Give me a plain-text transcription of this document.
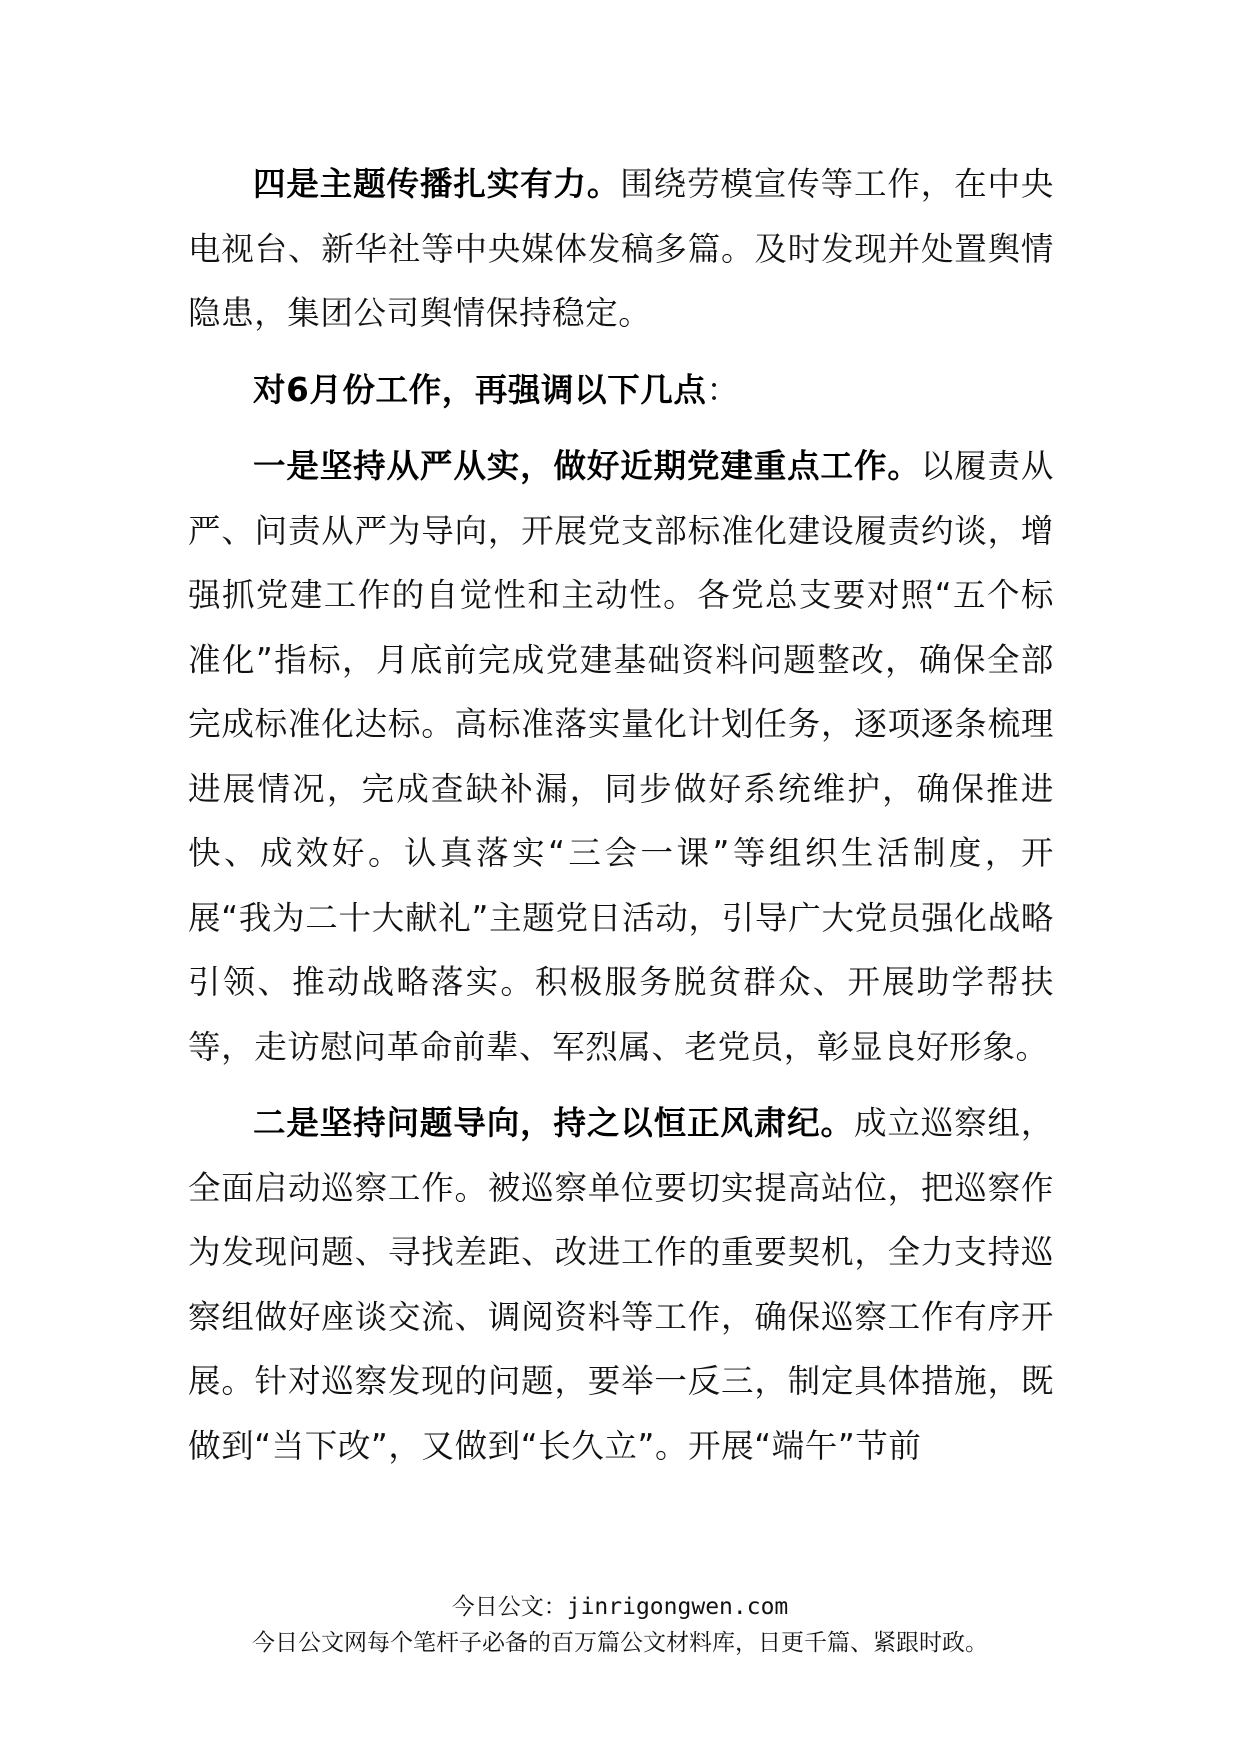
四是主题传播扎实有力。围绕劳模宣传等工作，在中央电视台、新华社等中央媒体发稿多篇。及时发现并处置舆情隐患，集团公司舆情保持稳定。

对6月份工作，再强调以下几点：

一是坚持从严从实，做好近期党建重点工作。以履责从严、问责从严为导向，开展党支部标准化建设履责约谈，增强抓党建工作的自觉性和主动性。各党总支要对照“五个标准化”指标，月底前完成党建基础资料问题整改，确保全部完成标准化达标。高标准落实量化计划任务，逐项逐条梳理进展情况，完成查缺补漏，同步做好系统维护，确保推进快、成效好。认真落实“三会一课”等组织生活制度，开展“我为二十大献礼”主题党日活动，引导广大党员强化战略引领、推动战略落实。积极服务脱贫群众、开展助学帮扶等，走访慰问革命前辈、军烈属、老党员，彰显良好形象。

二是坚持问题导向，持之以恒正风肃纪。成立巡察组，全面启动巡察工作。被巡察单位要切实提高站位，把巡察作为发现问题、寻找差距、改进工作的重要契机，全力支持巡察组做好座谈交流、调阅资料等工作，确保巡察工作有序开展。针对巡察发现的问题，要举一反三，制定具体措施，既做到“当下改”，又做到“长久立”。开展“端午”节前

今日公文：jinrigongwen.com
今日公文网每个笔杆子必备的百万篇公文材料库，日更千篇、紧跟时政。
